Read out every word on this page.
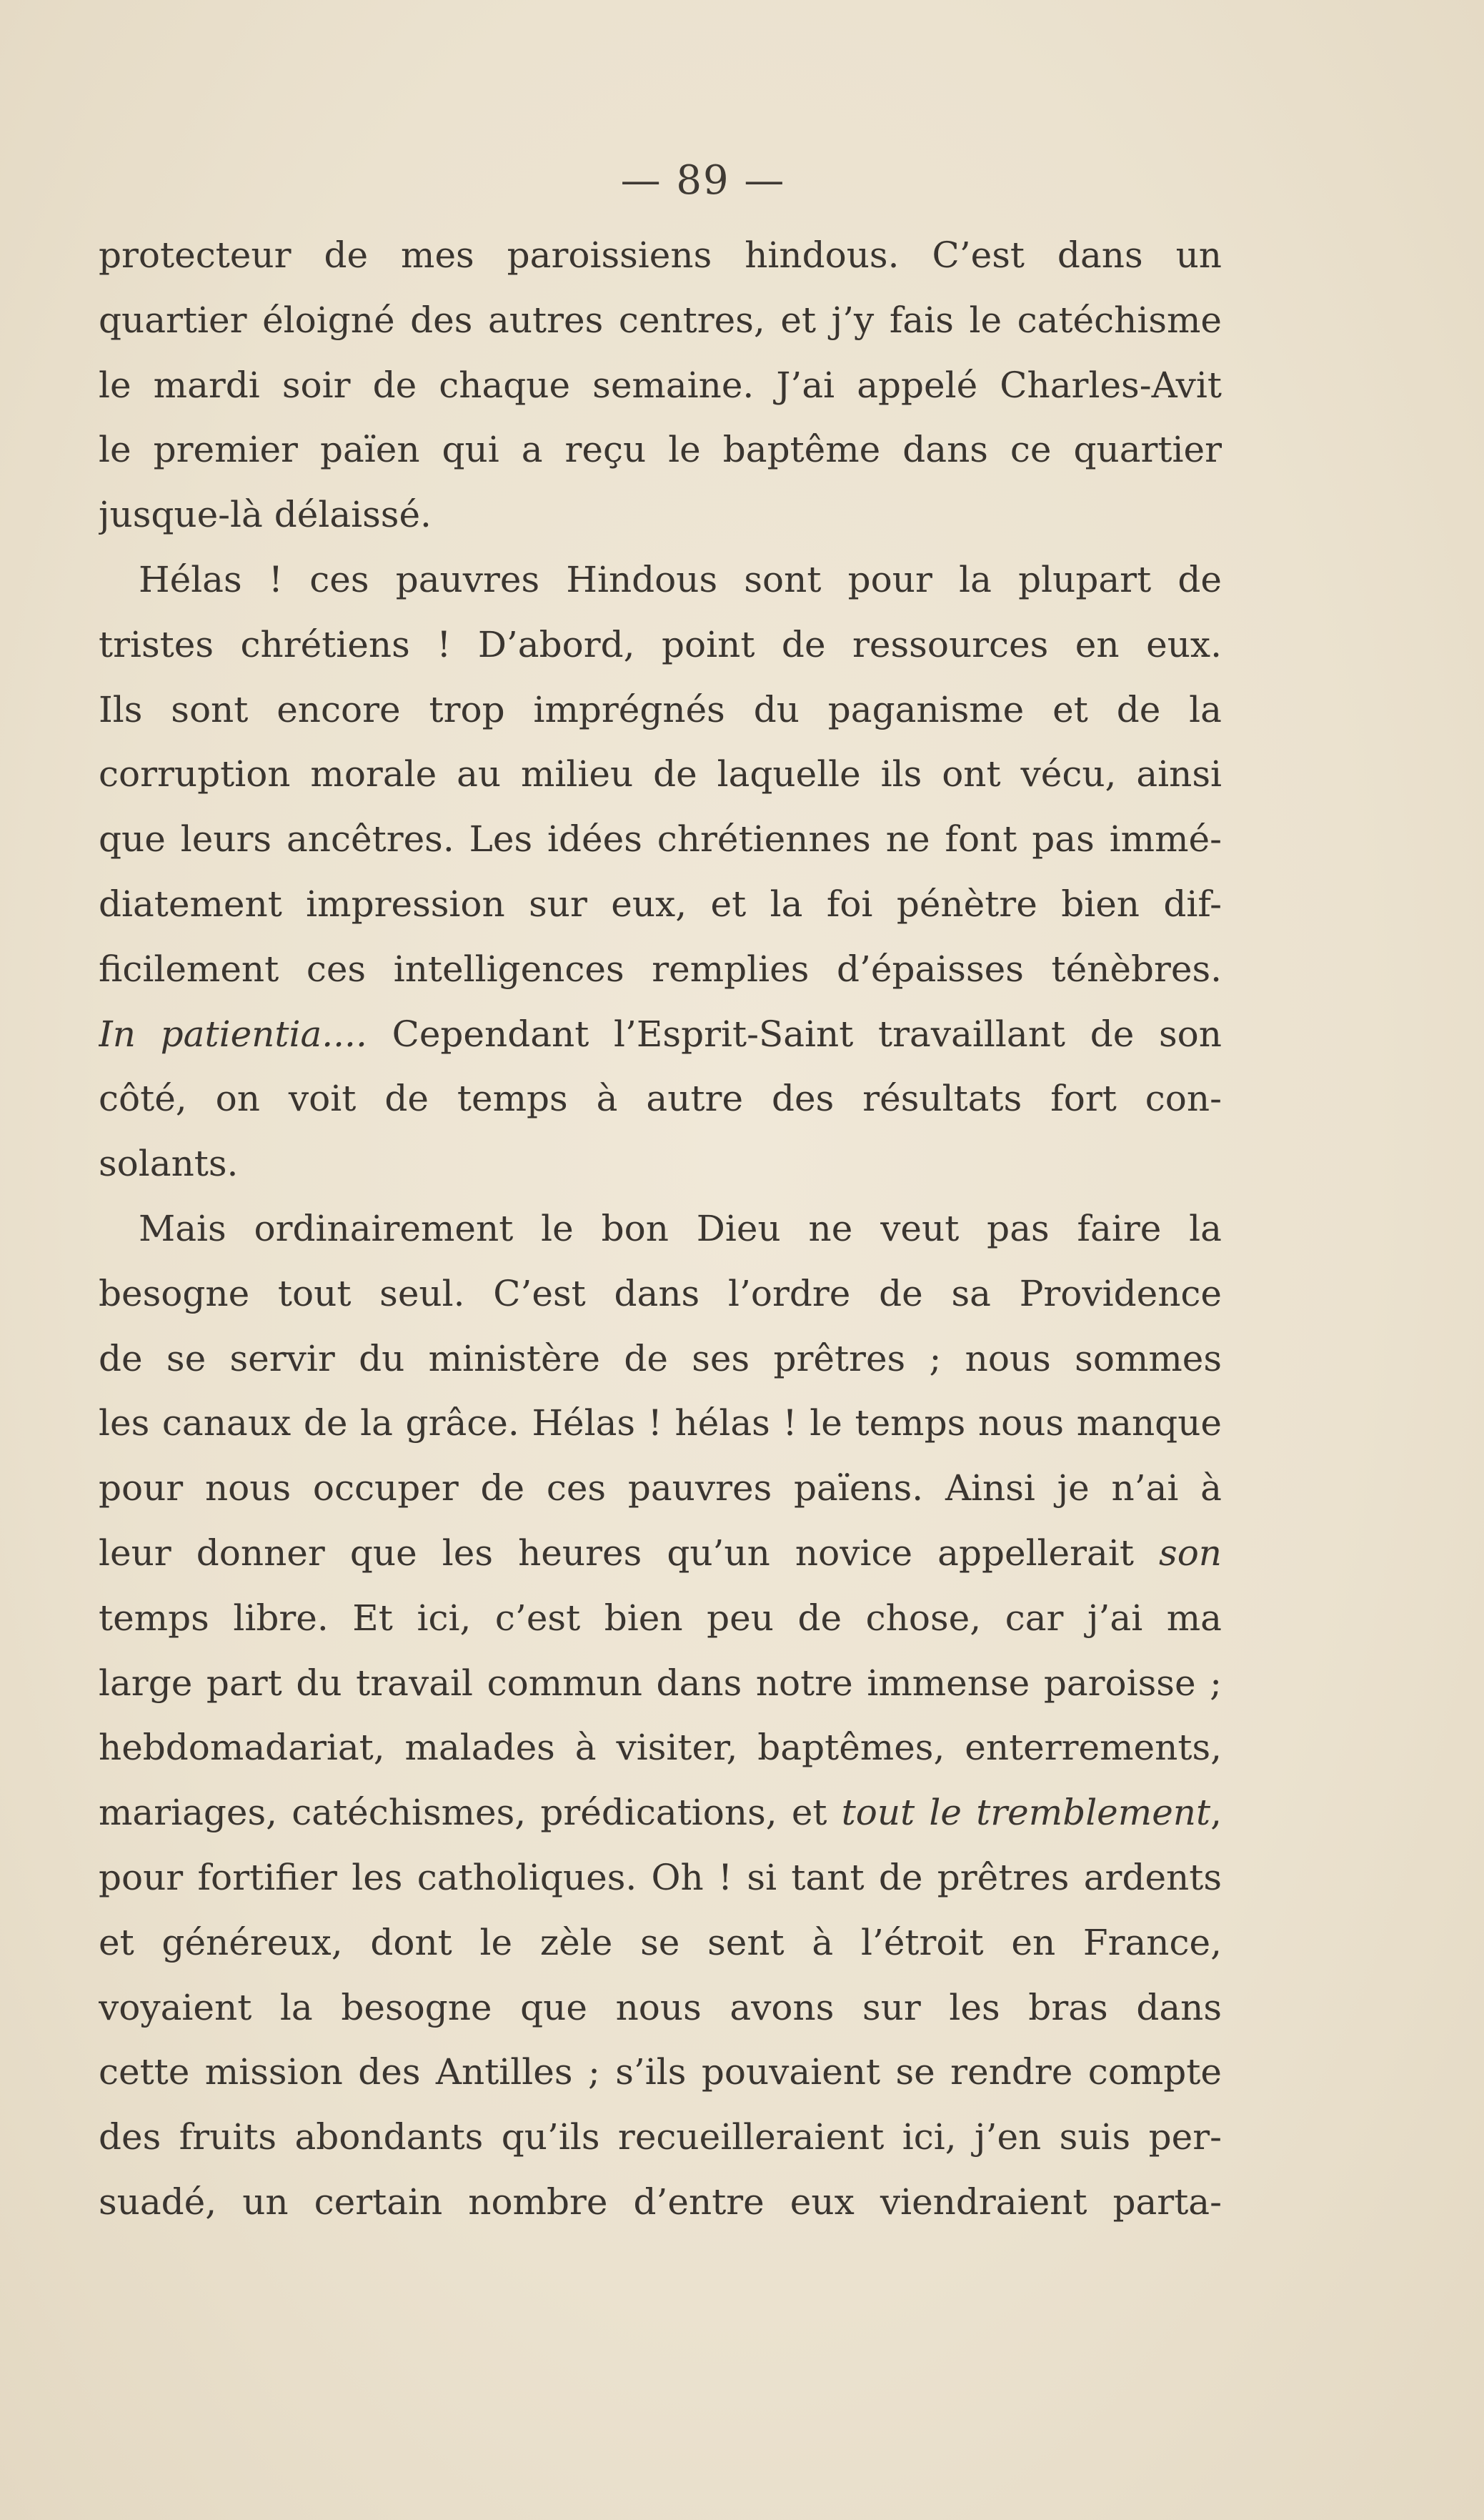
— 89 —
protecteur de mes paroissiens hindous. C’est dans un
quartier éloigné des autres centres, et j’y fais le catéchisme
le mardi soir de chaque semaine. J’ai appelé Charles-Avit
le premier païen qui a reçu le baptême dans ce quartier
jusque-là délaissé.
Hélas ! ces pauvres Hindous sont pour la plupart de
tristes chrétiens ! D’abord, point de ressources en eux.
Ils sont encore trop imprégnés du paganisme et de la
corruption morale au milieu de laquelle ils ont vécu, ainsi
que leurs ancêtres. Les idées chrétiennes ne font pas immé-
diatement impression sur eux, et la foi pénètre bien dif-
ficilement ces intelligences remplies d’épaisses ténèbres.
In patientia.... Cependant l’Esprit-Saint travaillant de son
côté, on voit de temps à autre des résultats fort con-
solants.
Mais ordinairement le bon Dieu ne veut pas faire la
besogne tout seul. C’est dans l’ordre de sa Providence
de se servir du ministère de ses prêtres ; nous sommes
les canaux de la grâce. Hélas ! hélas ! le temps nous manque
pour nous occuper de ces pauvres païens. Ainsi je n’ai à
leur donner que les heures qu’un novice appellerait son
temps libre. Et ici, c’est bien peu de chose, car j’ai ma
large part du travail commun dans notre immense paroisse ;
hebdomadariat, malades à visiter, baptêmes, enterrements,
mariages, catéchismes, prédications, et tout le tremblement,
pour fortifier les catholiques. Oh ! si tant de prêtres ardents
et généreux, dont le zèle se sent à l’étroit en France,
voyaient la besogne que nous avons sur les bras dans
cette mission des Antilles ; s’ils pouvaient se rendre compte
des fruits abondants qu’ils recueilleraient ici, j’en suis per-
suadé, un certain nombre d’entre eux viendraient parta-
